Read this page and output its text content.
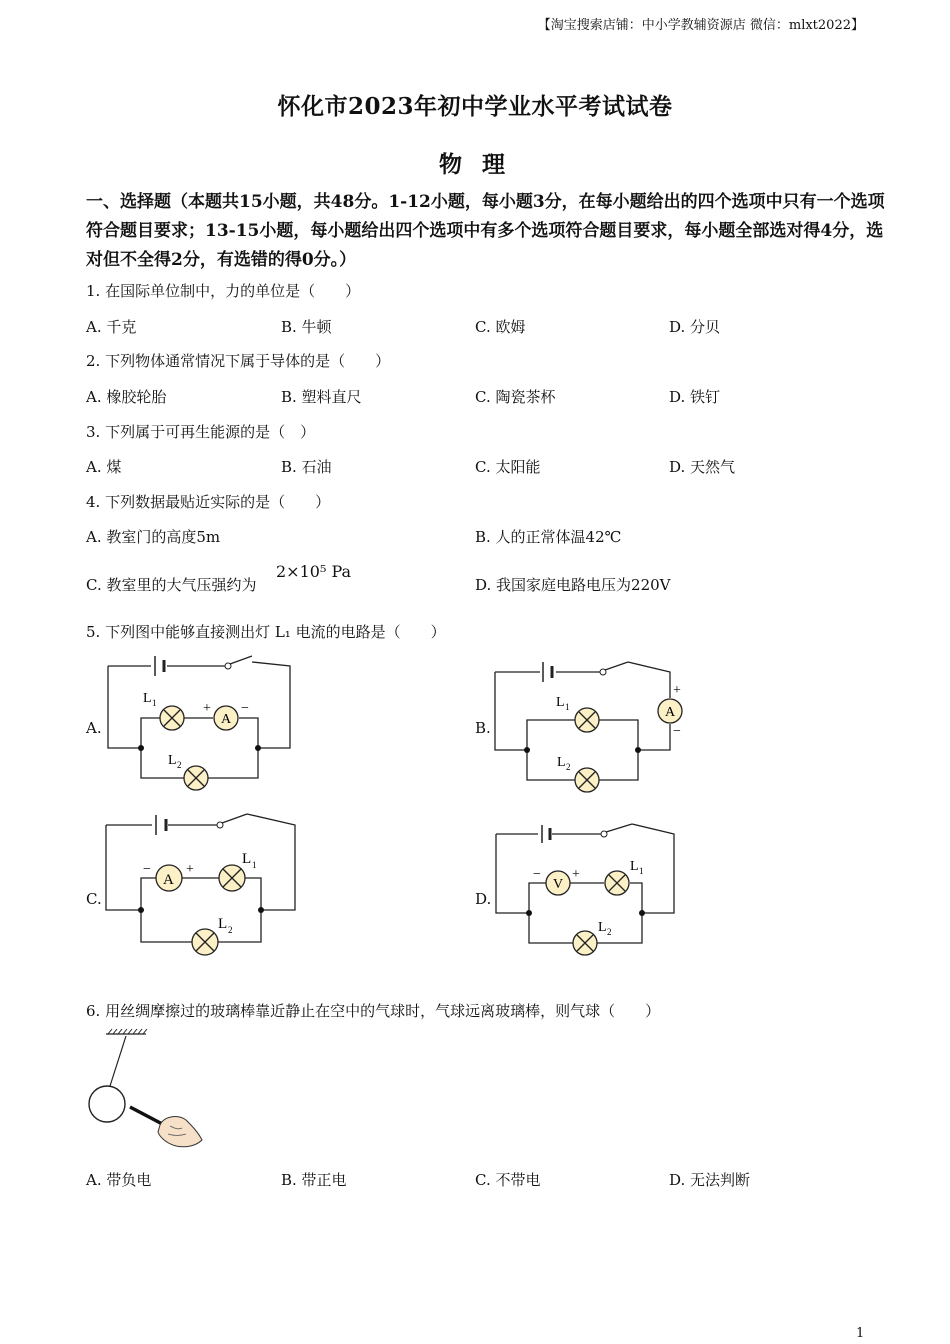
【淘宝搜索店铺：中小学教辅资源店 微信：mlxt2022】
怀化市2023年初中学业水平考试试卷
物 理
一、选择题（本题共15小题，共48分。1-12小题，每小题3分，在每小题给出的四个选项中只有一个选项符合题目要求；13-15小题，每小题给出四个选项中有多个选项符合题目要求，每小题全部选对得4分，选对但不全得2分，有选错的得0分。）
1. 在国际单位制中，力的单位是（　　）
A. 千克	B. 牛顿	C. 欧姆	D. 分贝
2. 下列物体通常情况下属于导体的是（　　）
A. 橡胶轮胎	B. 塑料直尺	C. 陶瓷茶杯	D. 铁钉
3. 下列属于可再生能源的是（　）
A. 煤	B. 石油	C. 太阳能	D. 天然气
4. 下列数据最贴近实际的是（　　）
A. 教室门的高度5m	B. 人的正常体温42℃
C. 教室里的大气压强约为
2×10⁵ Pa
D. 我国家庭电路电压为220V
5. 下列图中能够直接测出灯 L₁ 电流的电路是（　　）
A.	B.
C.	D.
A
+ −
L 1
L 2
A
+
−
L 1
L 2
A
−	+
L 1
L 2
V
− +
L 1
L 2
6. 用丝绸摩擦过的玻璃棒靠近静止在空中的气球时，气球远离玻璃棒，则气球（　　）
A. 带负电	B. 带正电	C. 不带电	D. 无法判断
1
